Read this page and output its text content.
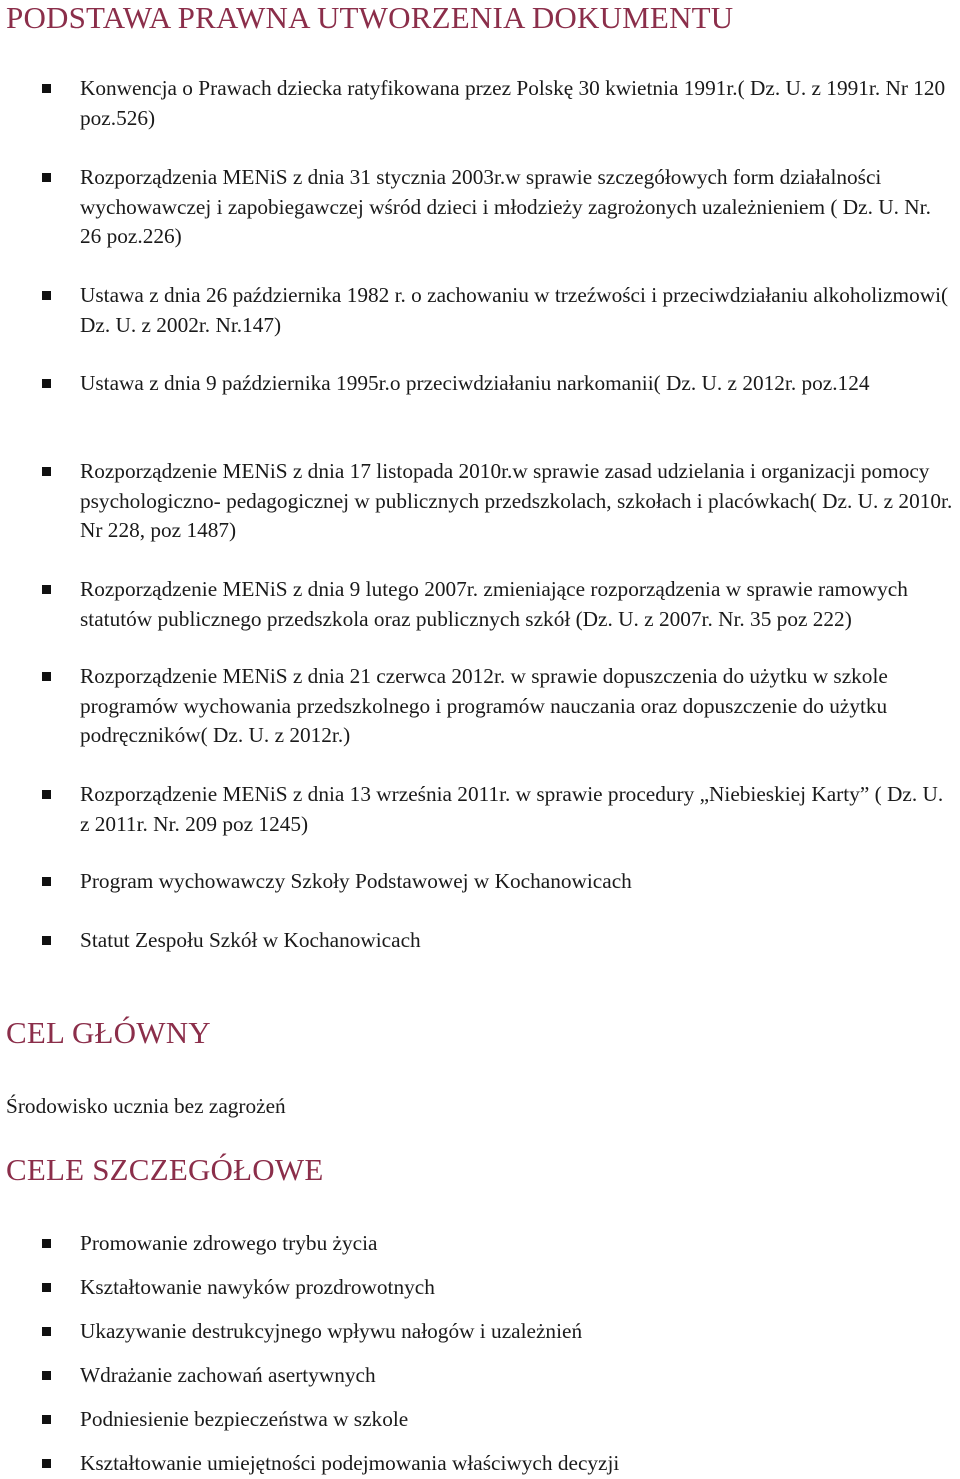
PODSTAWA PRAWNA UTWORZENIA DOKUMENTU
Konwencja o Prawach dziecka ratyfikowana przez Polskę 30 kwietnia 1991r.( Dz. U. z 1991r. Nr 120 poz.526)
Rozporządzenia MENiS z dnia 31 stycznia 2003r.w sprawie szczegółowych form działalności wychowawczej i zapobiegawczej wśród dzieci i młodzieży zagrożonych uzależnieniem ( Dz. U. Nr. 26 poz.226)
Ustawa z dnia 26 października 1982 r. o zachowaniu w trzeźwości i przeciwdziałaniu alkoholizmowi( Dz. U. z 2002r. Nr.147)
Ustawa z dnia 9 października 1995r.o przeciwdziałaniu narkomanii( Dz. U. z 2012r. poz.124
Rozporządzenie MENiS z dnia 17 listopada 2010r.w sprawie zasad udzielania i organizacji pomocy psychologiczno- pedagogicznej w publicznych przedszkolach, szkołach i placówkach( Dz. U. z 2010r. Nr 228, poz 1487)
Rozporządzenie MENiS z dnia 9 lutego 2007r. zmieniające rozporządzenia w sprawie ramowych statutów publicznego przedszkola oraz publicznych szkół (Dz. U. z 2007r. Nr. 35 poz 222)
Rozporządzenie MENiS z dnia 21 czerwca 2012r. w sprawie dopuszczenia do użytku w szkole programów wychowania przedszkolnego i programów nauczania oraz dopuszczenie do użytku podręczników( Dz. U. z 2012r.)
Rozporządzenie MENiS z dnia 13 września 2011r. w sprawie procedury „Niebieskiej Karty” ( Dz. U. z 2011r. Nr. 209 poz 1245)
Program wychowawczy Szkoły Podstawowej w Kochanowicach
Statut Zespołu Szkół w Kochanowicach
CEL GŁÓWNY

Środowisko ucznia bez zagrożeń

CELE SZCZEGÓŁOWE
Promowanie zdrowego trybu życia
Kształtowanie nawyków prozdrowotnych
Ukazywanie destrukcyjnego wpływu nałogów i uzależnień
Wdrażanie zachowań asertywnych
Podniesienie bezpieczeństwa w szkole
Kształtowanie umiejętności podejmowania właściwych decyzji
